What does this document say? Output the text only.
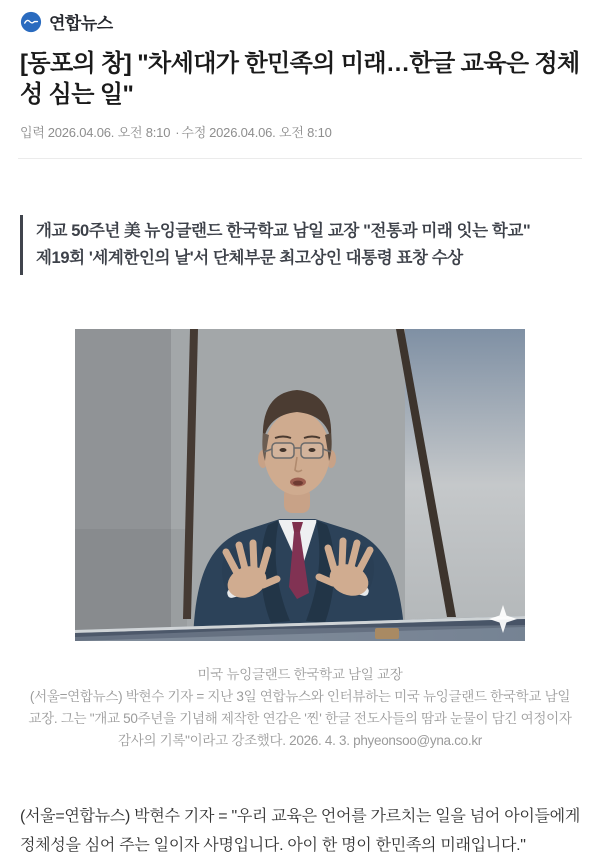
연합뉴스
[동포의 창] "차세대가 한민족의 미래…한글 교육은 정체성 심는 일"
입력 2026.04.06. 오전 8:10 · 수정 2026.04.06. 오전 8:10

개교 50주년 美 뉴잉글랜드 한국학교 남일 교장 "전통과 미래 잇는 학교"

제19회 '세계한인의 날'서 단체부문 최고상인 대통령 표창 수상

미국 뉴잉글랜드 한국학교 남일 교장
(서울=연합뉴스) 박현수 기자 = 지난 3일 연합뉴스와 인터뷰하는 미국 뉴잉글랜드 한국학교 남일 교장. 그는 "개교 50주년을 기념해 제작한 연감은 '찐' 한글 전도사들의 땀과 눈물이 담긴 여정이자 감사의 기록"이라고 강조했다. 2026. 4. 3. phyeonsoo@yna.co.kr

(서울=연합뉴스) 박현수 기자 = "우리 교육은 언어를 가르치는 일을 넘어 아이들에게 정체성을 심어 주는 일이자 사명입니다. 아이 한 명이 한민족의 미래입니다."
